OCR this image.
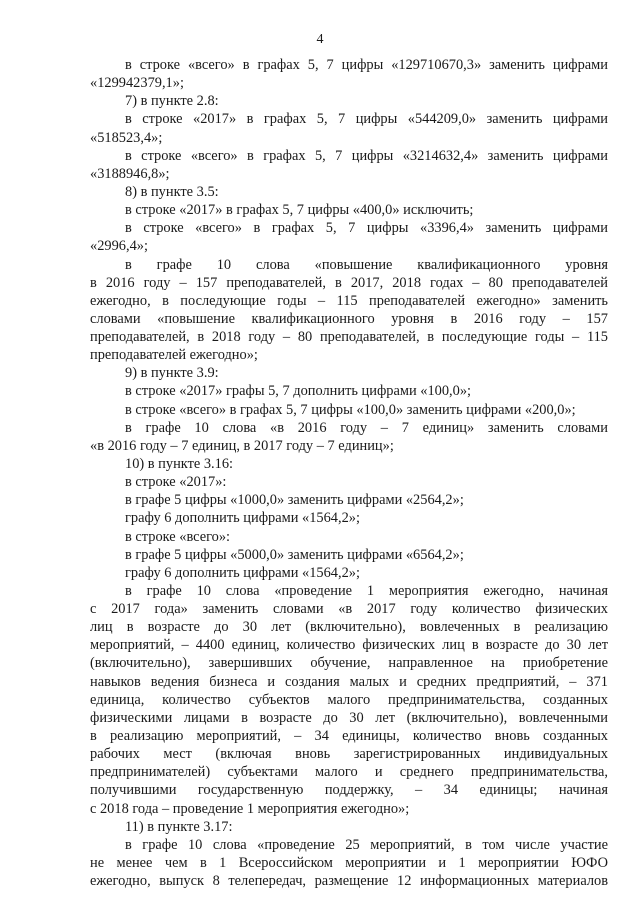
4
в строке «всего» в графах 5, 7 цифры «129710670,3» заменить цифрами
«129942379,1»;
7) в пункте 2.8:
в строке «2017» в графах 5, 7 цифры «544209,0» заменить цифрами
«518523,4»;
в строке «всего» в графах 5, 7 цифры «3214632,4» заменить цифрами
«3188946,8»;
8) в пункте 3.5:
в строке «2017» в графах 5, 7 цифры «400,0» исключить;
в строке «всего» в графах 5, 7 цифры «3396,4» заменить цифрами
«2996,4»;
в графе 10 слова «повышение квалификационного уровня
в 2016 году – 157 преподавателей, в 2017, 2018 годах – 80 преподавателей
ежегодно, в последующие годы – 115 преподавателей ежегодно» заменить
словами «повышение квалификационного уровня в 2016 году – 157
преподавателей, в 2018 году – 80 преподавателей, в последующие годы – 115
преподавателей ежегодно»;
9) в пункте 3.9:
в строке «2017» графы 5, 7 дополнить цифрами «100,0»;
в строке «всего» в графах 5, 7 цифры «100,0» заменить цифрами «200,0»;
в графе 10 слова «в 2016 году – 7 единиц» заменить словами
«в 2016 году – 7 единиц, в 2017 году – 7 единиц»;
10) в пункте 3.16:
в строке «2017»:
в графе 5 цифры «1000,0» заменить цифрами «2564,2»;
графу 6 дополнить цифрами «1564,2»;
в строке «всего»:
в графе 5 цифры «5000,0» заменить цифрами «6564,2»;
графу 6 дополнить цифрами «1564,2»;
в графе 10 слова «проведение 1 мероприятия ежегодно, начиная
с 2017 года» заменить словами «в 2017 году количество физических
лиц в возрасте до 30 лет (включительно), вовлеченных в реализацию
мероприятий, – 4400 единиц, количество физических лиц в возрасте до 30 лет
(включительно), завершивших обучение, направленное на приобретение
навыков ведения бизнеса и создания малых и средних предприятий, – 371
единица, количество субъектов малого предпринимательства, созданных
физическими лицами в возрасте до 30 лет (включительно), вовлеченными
в реализацию мероприятий, – 34 единицы, количество вновь созданных
рабочих мест (включая вновь зарегистрированных индивидуальных
предпринимателей) субъектами малого и среднего предпринимательства,
получившими государственную поддержку, – 34 единицы; начиная
с 2018 года – проведение 1 мероприятия ежегодно»;
11) в пункте 3.17:
в графе 10 слова «проведение 25 мероприятий, в том числе участие
не менее чем в 1 Всероссийском мероприятии и 1 мероприятии ЮФО
ежегодно, выпуск 8 телепередач, размещение 12 информационных материалов
